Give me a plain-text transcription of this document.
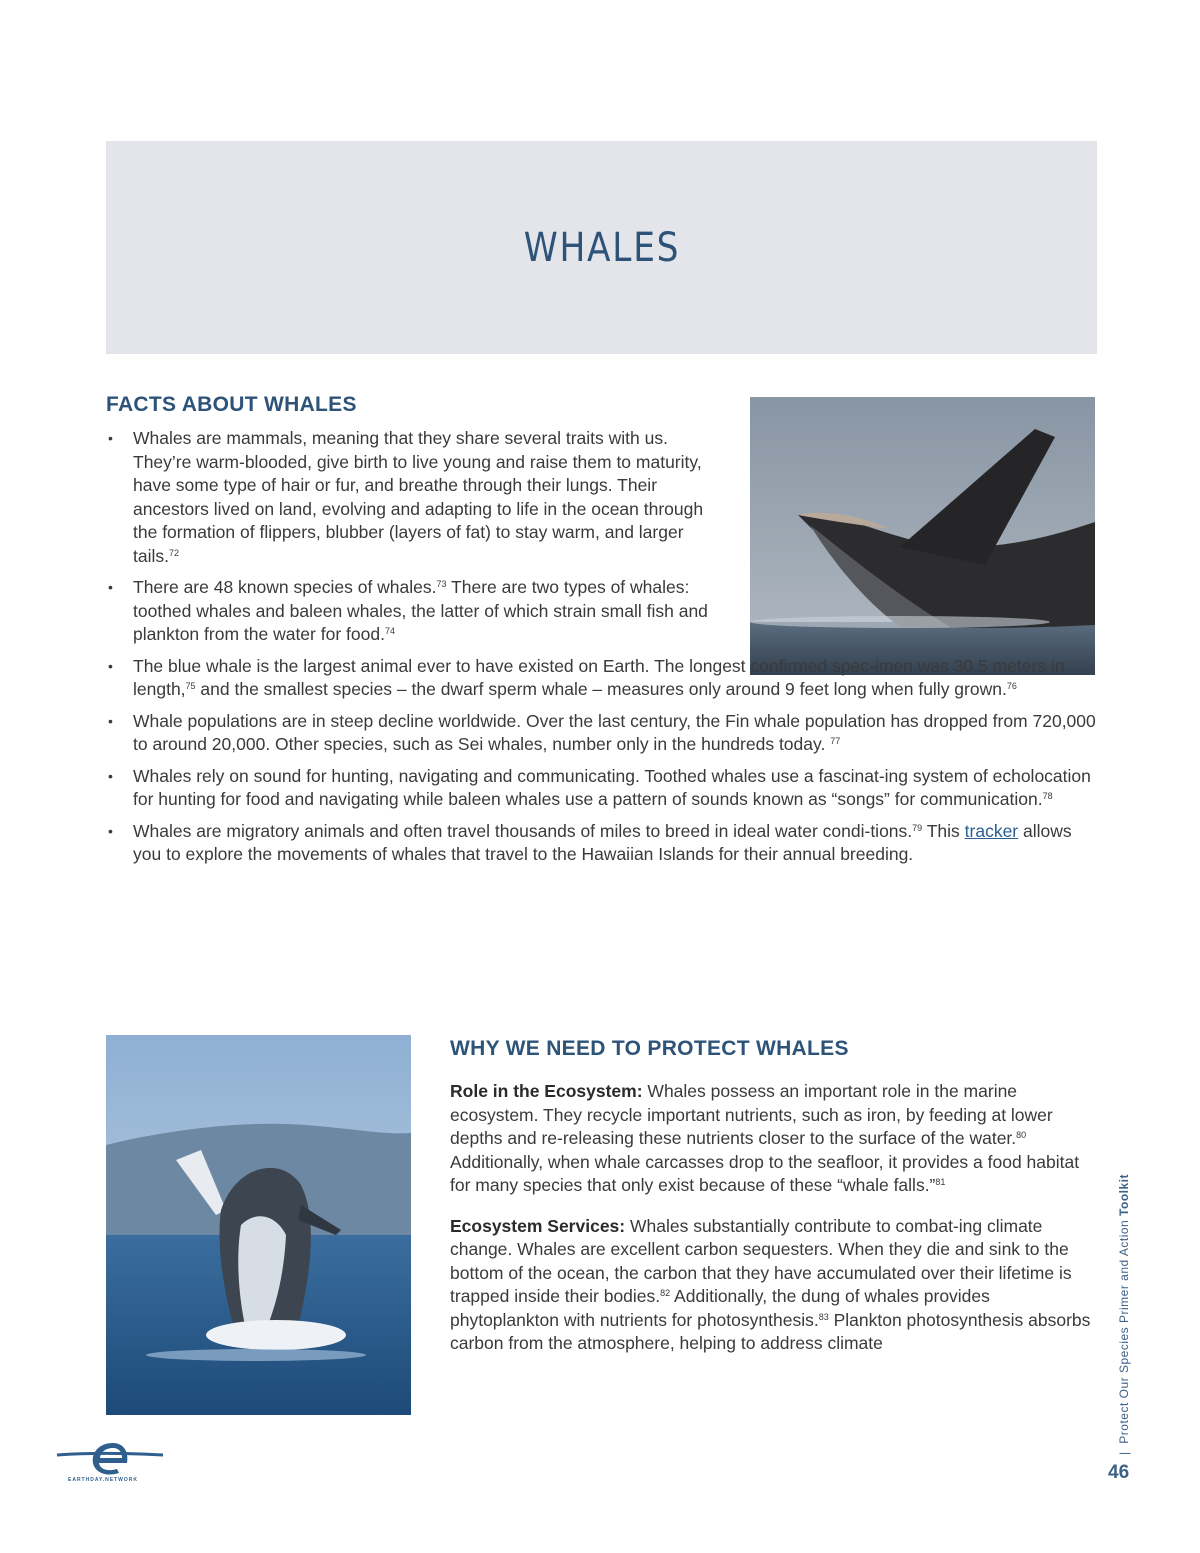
WHALES
FACTS ABOUT WHALES
• Whales are mammals, meaning that they share several traits with us. They’re warm-blooded, give birth to live young and raise them to maturity, have some type of hair or fur, and breathe through their lungs. Their ancestors lived on land, evolving and adapting to life in the ocean through the formation of flippers, blubber (layers of fat) to stay warm, and larger tails.$^{72}$
• There are 48 known species of whales.$^{73}$ There are two types of whales: toothed whales and baleen whales, the latter of which strain small fish and plankton from the water for food.$^{74}$
• The blue whale is the largest animal ever to have existed on Earth. The longest confirmed spec-imen was 30.5 meters in length,$^{75}$ and the smallest species – the dwarf sperm whale – measures only around 9 feet long when fully grown.$^{76}$
• Whale populations are in steep decline worldwide. Over the last century, the Fin whale population has dropped from 720,000 to around 20,000. Other species, such as Sei whales, number only in the hundreds today. $^{77}$
• Whales rely on sound for hunting, navigating and communicating. Toothed whales use a fascinat-ing system of echolocation for hunting for food and navigating while baleen whales use a pattern of sounds known as “songs” for communication.$^{78}$
• Whales are migratory animals and often travel thousands of miles to breed in ideal water condi-tions.$^{79}$ This tracker allows you to explore the movements of whales that travel to the Hawaiian Islands for their annual breeding.
WHY WE NEED TO PROTECT WHALES

Role in the Ecosystem: Whales possess an important role in the marine ecosystem. They recycle important nutrients, such as iron, by feeding at lower depths and re-releasing these nutrients closer to the surface of the water.$^{80}$ Additionally, when whale carcasses drop to the seafloor, it provides a food habitat for many species that only exist because of these “whale falls.”$^{81}$

Ecosystem Services: Whales substantially contribute to combat-ing climate change. Whales are excellent carbon sequesters. When they die and sink to the bottom of the ocean, the carbon that they have accumulated over their lifetime is trapped inside their bodies.$^{82}$ Additionally, the dung of whales provides phytoplankton with nutrients for photosynthesis.$^{83}$ Plankton photosynthesis absorbs carbon from the atmosphere, helping to address climate

|  Protect Our Species Primer and Action Toolkit
46
EARTHDAY.NETWORK
